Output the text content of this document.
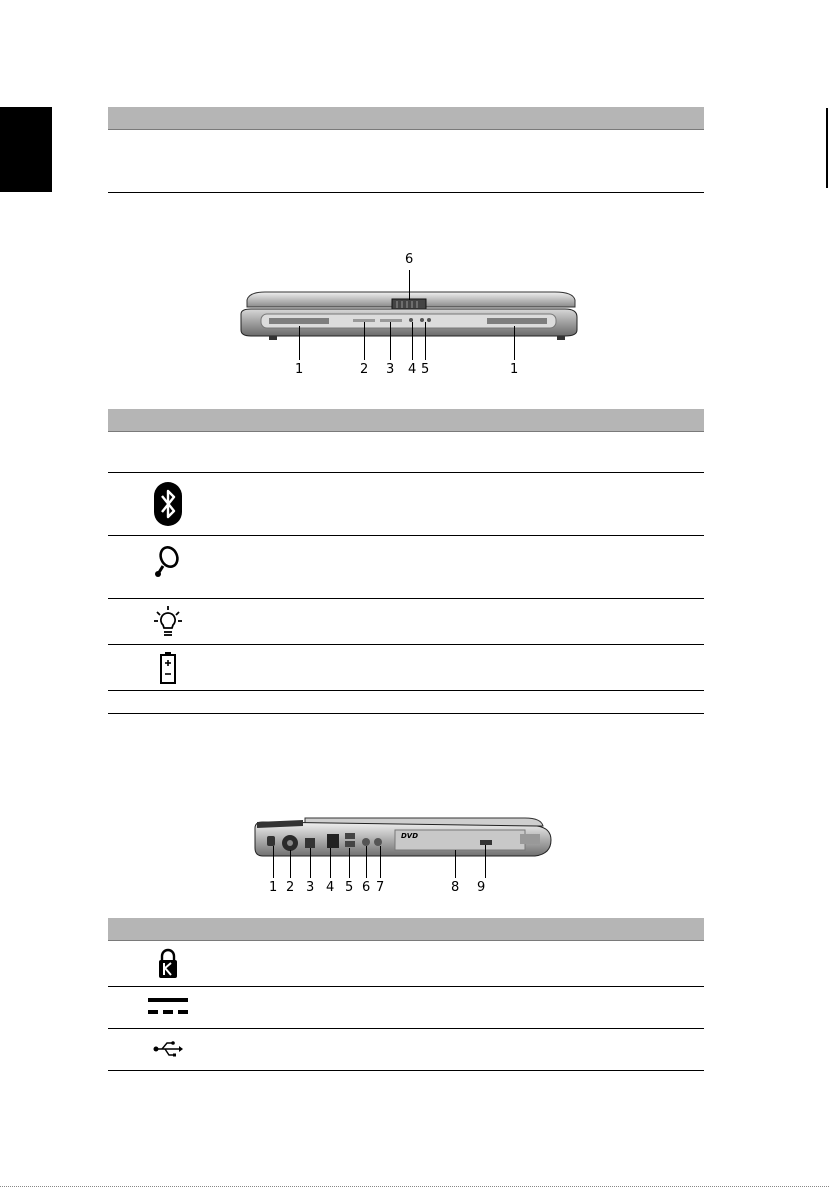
1	2 3 4 5	1
6
DVD
1 2 3 4 5 6 7	8 9
